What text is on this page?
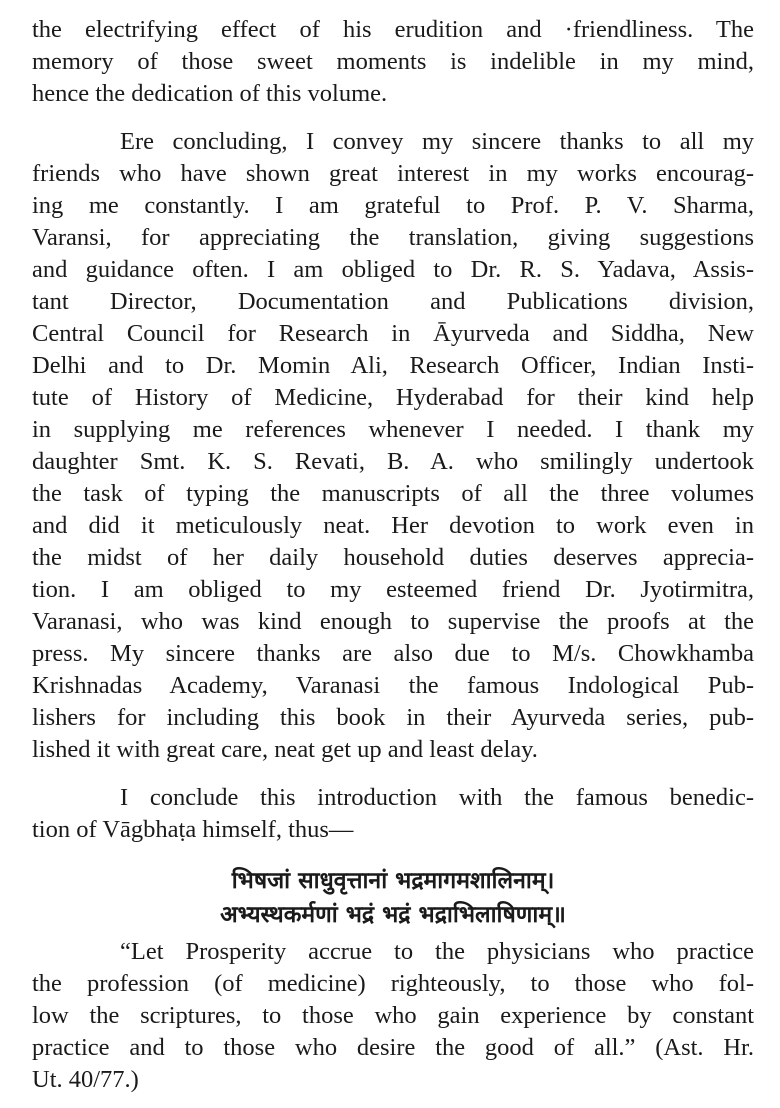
the electrifying effect of his erudition and ·friendliness. The
memory of those sweet moments is indelible in my mind,
hence the dedication of this volume.
Ere concluding, I convey my sincere thanks to all my
friends who have shown great interest in my works encourag-
ing me constantly. I am grateful to Prof. P. V. Sharma,
Varansi, for appreciating the translation, giving suggestions
and guidance often. I am obliged to Dr. R. S. Yadava, Assis-
tant Director, Documentation and Publications division,
Central Council for Research in Āyurveda and Siddha, New
Delhi and to Dr. Momin Ali, Research Officer, Indian Insti-
tute of History of Medicine, Hyderabad for their kind help
in supplying me references whenever I needed. I thank my
daughter Smt. K. S. Revati, B. A. who smilingly undertook
the task of typing the manuscripts of all the three volumes
and did it meticulously neat. Her devotion to work even in
the midst of her daily household duties deserves apprecia-
tion. I am obliged to my esteemed friend Dr. Jyotirmitra,
Varanasi, who was kind enough to supervise the proofs at the
press. My sincere thanks are also due to M/s. Chowkhamba
Krishnadas Academy, Varanasi the famous Indological Pub-
lishers for including this book in their Ayurveda series, pub-
lished it with great care, neat get up and least delay.
I conclude this introduction with the famous benedic-
tion of Vāgbhaṭa himself, thus—
भिषजां साधुवृत्तानां भद्रमागमशालिनाम्।
अभ्यस्थकर्मणां भद्रं भद्रं भद्राभिलाषिणाम्॥
“Let Prosperity accrue to the physicians who practice
the profession (of medicine) righteously, to those who fol-
low the scriptures, to those who gain experience by constant
practice and to those who desire the good of all.” (Ast. Hr.
Ut. 40/77.)
